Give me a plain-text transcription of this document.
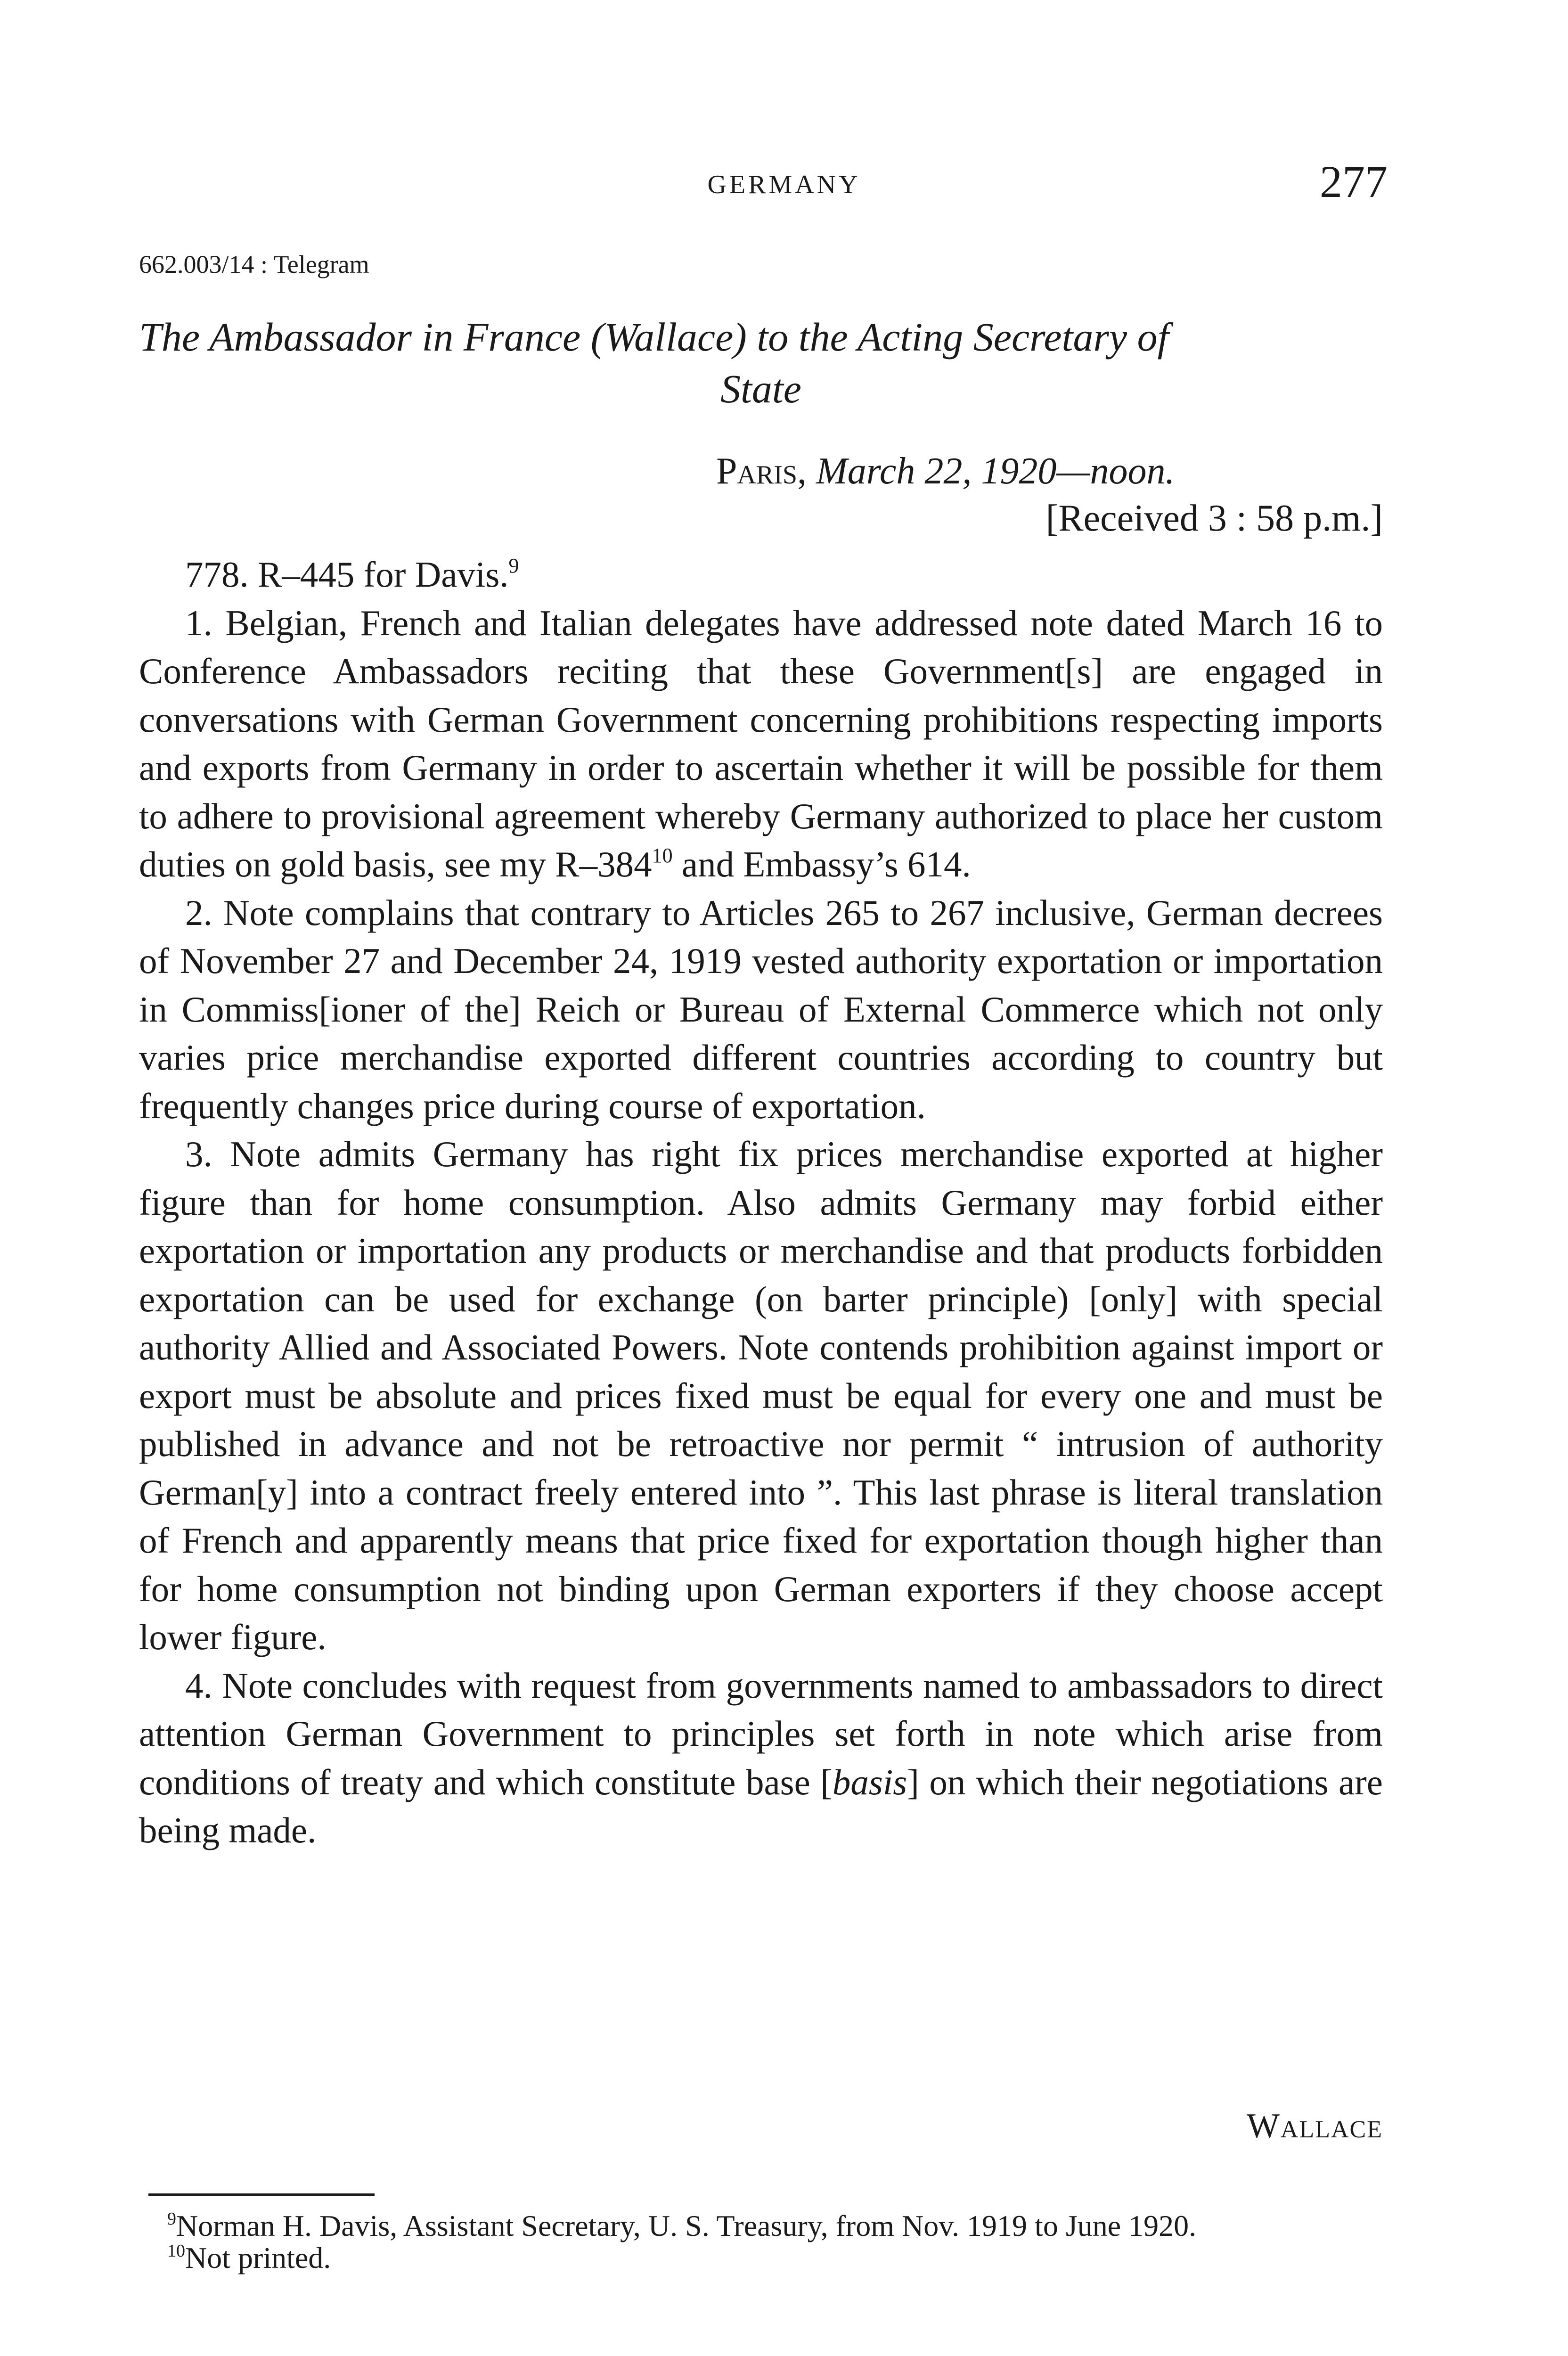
GERMANY	277
662.003/14 : Telegram
The Ambassador in France (Wallace) to the Acting Secretary of
State
Paris, March 22, 1920—noon.
[Received 3 : 58 p.m.]

778. R–445 for Davis.$^9$

1. Belgian, French and Italian delegates have addressed note dated March 16 to Conference Ambassadors reciting that these Government[s] are engaged in conversations with German Government concerning prohibitions respecting imports and exports from Germany in order to ascertain whether it will be possible for them to adhere to provisional agreement whereby Germany authorized to place her custom duties on gold basis, see my $R-384^{10}$ and Embassy’s 614.

2. Note complains that contrary to Articles 265 to 267 inclusive, German decrees of November 27 and December 24, 1919 vested authority exportation or importation in Commiss[ioner of the] Reich or Bureau of External Commerce which not only varies price merchandise exported different countries according to country but frequently changes price during course of exportation.

3. Note admits Germany has right fix prices merchandise exported at higher figure than for home consumption. Also admits Germany may forbid either exportation or importation any products or merchandise and that products forbidden exportation can be used for exchange (on barter principle) [only] with special authority Allied and Associated Powers. Note contends prohibition against import or export must be absolute and prices fixed must be equal for every one and must be published in advance and not be retroactive nor permit “ intrusion of authority German[y] into a contract freely entered into ”. This last phrase is literal translation of French and apparently means that price fixed for exportation though higher than for home consumption not binding upon German exporters if they choose accept lower figure.

4. Note concludes with request from governments named to ambassadors to direct attention German Government to principles set forth in note which arise from conditions of treaty and which constitute base [basis] on which their negotiations are being made.

Wallace

$^9$Norman H. Davis, Assistant Secretary, U. S. Treasury, from Nov. 1919 to June 1920.

$^{10}$Not printed.
